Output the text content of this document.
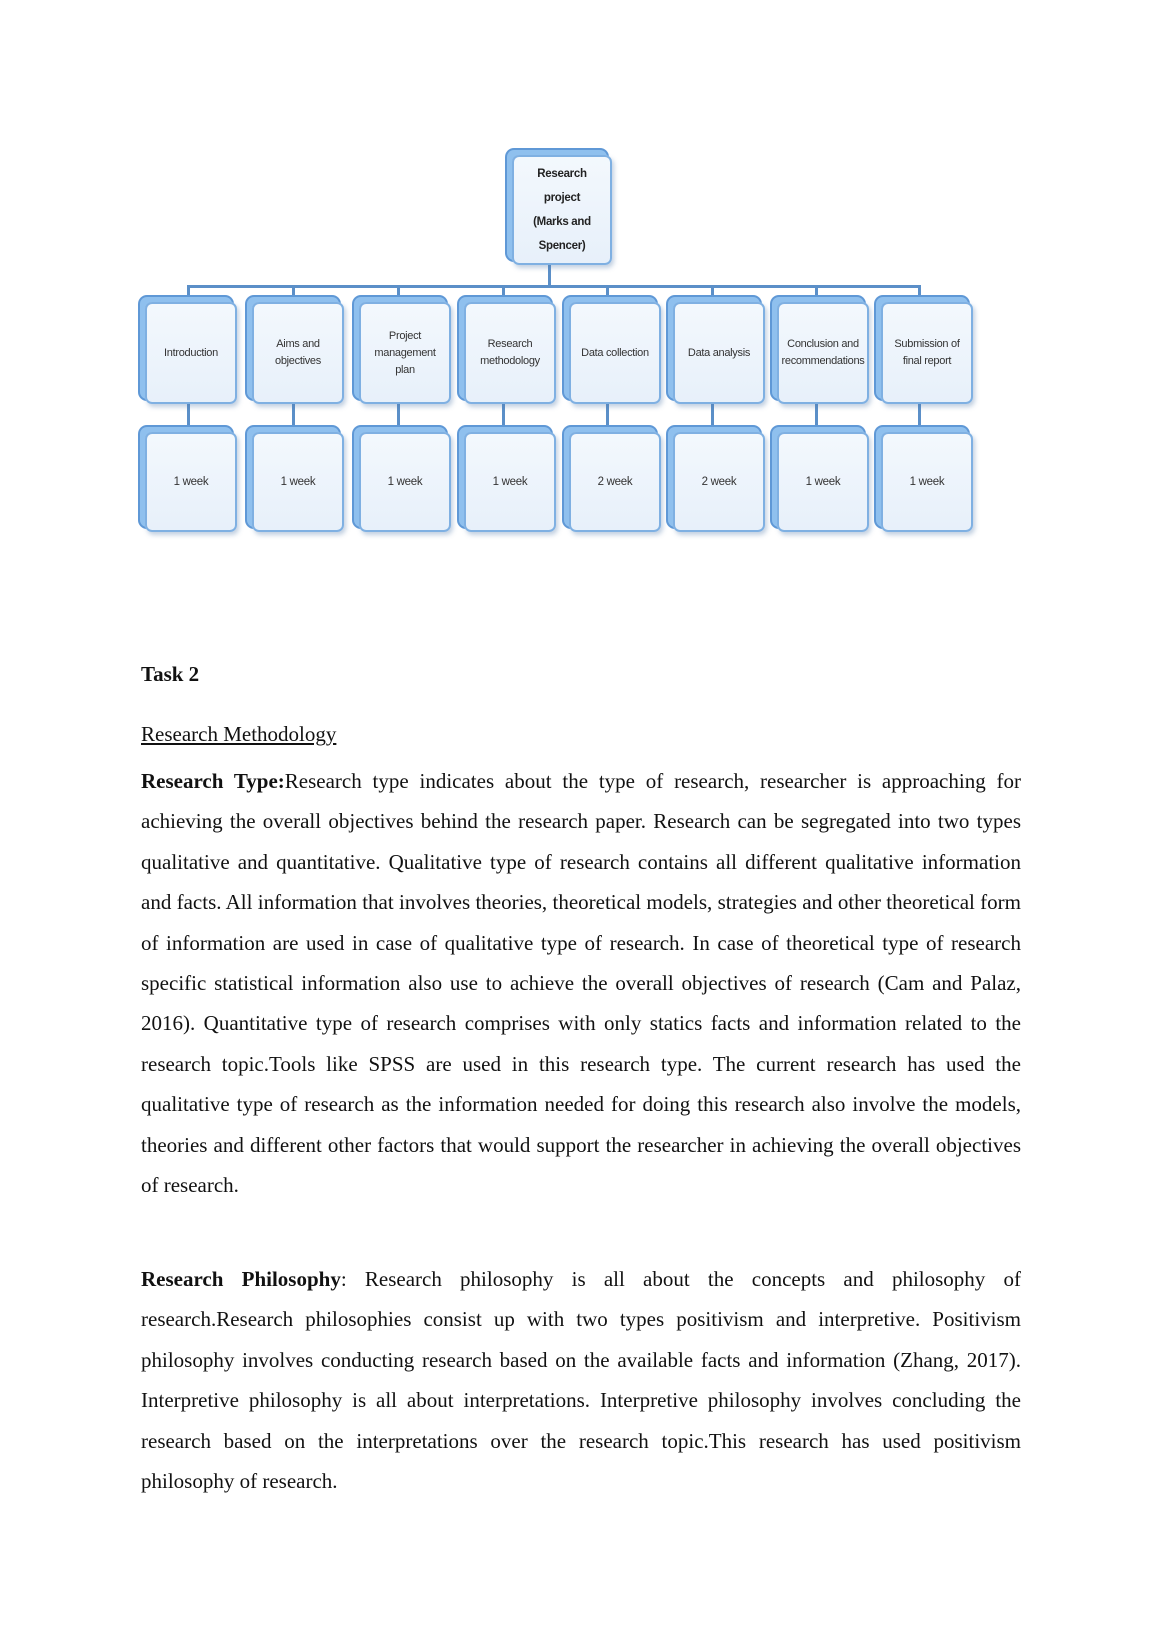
Research project
(Marks and Spencer)
Introduction
Aims and objectives
Project management plan
Research methodology
Data collection	Data analysis
Conclusion and recommendations
Submission of final report
1 week	1 week	1 week	1 week	2 week	2 week	1 week	1 week
Task 2
Research Methodology

Research Type:Research type indicates about the type of research, researcher is approaching for achieving the overall objectives behind the research paper. Research can be segregated into two types qualitative and quantitative. Qualitative type of research contains all different qualitative information and facts. All information that involves theories, theoretical models, strategies and other theoretical form of information are used in case of qualitative type of research. In case of theoretical type of research specific statistical information also use to achieve the overall objectives of research (Cam and Palaz, 2016). Quantitative type of research comprises with only statics facts and information related to the research topic.Tools like SPSS are used in this research type. The current research has used the qualitative type of research as the information needed for doing this research also involve the models, theories and different other factors that would support the researcher in achieving the overall objectives of research.

Research Philosophy: Research philosophy is all about the concepts and philosophy of research.Research philosophies consist up with two types positivism and interpretive. Positivism philosophy involves conducting research based on the available facts and information (Zhang, 2017). Interpretive philosophy is all about interpretations. Interpretive philosophy involves concluding the research based on the interpretations over the research topic.This research has used positivism philosophy of research.
